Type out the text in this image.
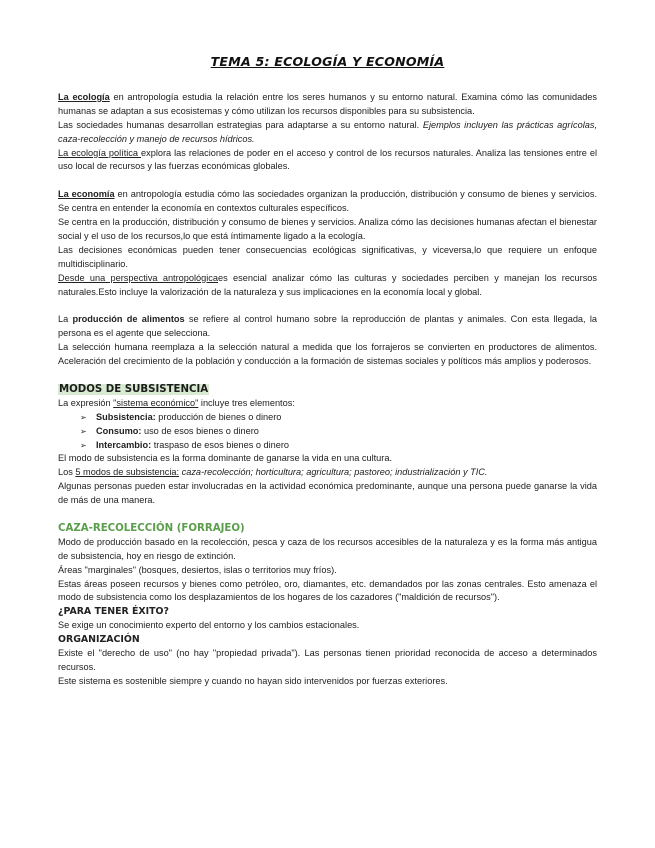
TEMA 5: ECOLOGÍA Y ECONOMÍA

La ecología en antropología estudia la relación entre los seres humanos y su entorno natural. Examina cómo las comunidades humanas se adaptan a sus ecosistemas y cómo utilizan los recursos disponibles para su subsistencia.

Las sociedades humanas desarrollan estrategias para adaptarse a su entorno natural. Ejemplos incluyen las prácticas agrícolas, caza-recolección y manejo de recursos hídricos.

La ecología política explora las relaciones de poder en el acceso y control de los recursos naturales. Analiza las tensiones entre el uso local de recursos y las fuerzas económicas globales.

La economía en antropología estudia cómo las sociedades organizan la producción, distribución y consumo de bienes y servicios. Se centra en entender la economía en contextos culturales específicos.

Se centra en la producción, distribución y consumo de bienes y servicios. Analiza cómo las decisiones humanas afectan el bienestar social y el uso de los recursos,lo que está íntimamente ligado a la ecología.

Las decisiones económicas pueden tener consecuencias ecológicas significativas, y viceversa,lo que requiere un enfoque multidisciplinario.

Desde una perspectiva antropológicaes esencial analizar cómo las culturas y sociedades perciben y manejan los recursos naturales.Esto incluye la valorización de la naturaleza y sus implicaciones en la economía local y global.

La producción de alimentos se refiere al control humano sobre la reproducción de plantas y animales. Con esta llegada, la persona es el agente que selecciona.

La selección humana reemplaza a la selección natural a medida que los forrajeros se convierten en productores de alimentos. Aceleración del crecimiento de la población y conducción a la formación de sistemas sociales y políticos más amplios y poderosos.

MODOS DE SUBSISTENCIA

La expresión "sistema económico" incluye tres elementos:

➢ Subsistencia: producción de bienes o dinero
➢ Consumo: uso de esos bienes o dinero
➢ Intercambio: traspaso de esos bienes o dinero

El modo de subsistencia es la forma dominante de ganarse la vida en una cultura.

Los 5 modos de subsistencia: caza-recolección; horticultura; agricultura; pastoreo; industrialización y TIC.

Algunas personas pueden estar involucradas en la actividad económica predominante, aunque una persona puede ganarse la vida de más de una manera.

CAZA-RECOLECCIÓN (FORRAJEO)

Modo de producción basado en la recolección, pesca y caza de los recursos accesibles de la naturaleza y es la forma más antigua de subsistencia, hoy en riesgo de extinción.

Áreas "marginales" (bosques, desiertos, islas o territorios muy fríos).

Estas áreas poseen recursos y bienes como petróleo, oro, diamantes, etc. demandados por las zonas centrales. Esto amenaza el modo de subsistencia como los desplazamientos de los hogares de los cazadores ("maldición de recursos").

¿PARA TENER ÉXITO?

Se exige un conocimiento experto del entorno y los cambios estacionales.

ORGANIZACIÓN

Existe el "derecho de uso" (no hay "propiedad privada"). Las personas tienen prioridad reconocida de acceso a determinados recursos.

Este sistema es sostenible siempre y cuando no hayan sido intervenidos por fuerzas exteriores.
